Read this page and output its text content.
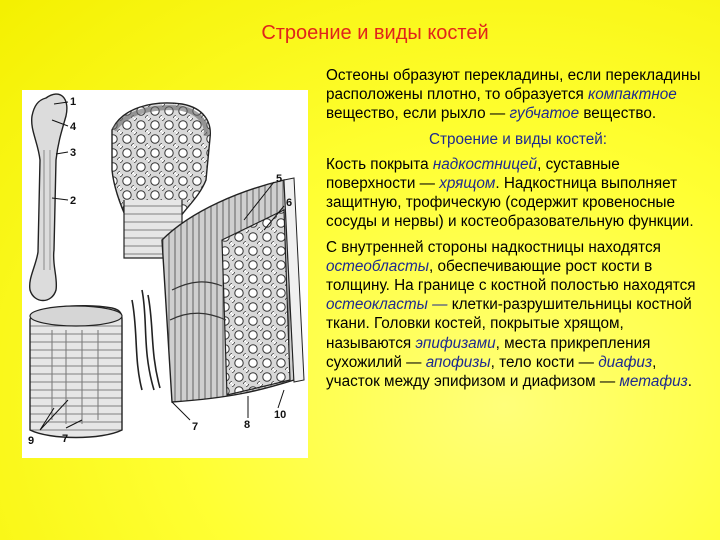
Строение и виды костей
1
4
3
2
5
6
9	7
7	8
10

Остеоны образуют перекладины, если перекладины расположены плотно, то образуется компактное вещество, если рыхло — губчатое вещество.

Строение и виды костей:

Кость покрыта надкостницей, суставные поверхности — хрящом. Надкостница выполняет защитную, трофическую (содержит кровеносные сосуды и нервы) и костеобразовательную функции.

С внутренней стороны надкостницы находятся остеобласты, обеспечивающие рост кости в толщину. На границе с костной полостью находятся остеокласты — клетки-разрушительницы костной ткани. Головки костей, покрытые хрящом, называются эпифизами, места прикрепления сухожилий — апофизы, тело кости — диафиз, участок между эпифизом и диафизом — метафиз.
